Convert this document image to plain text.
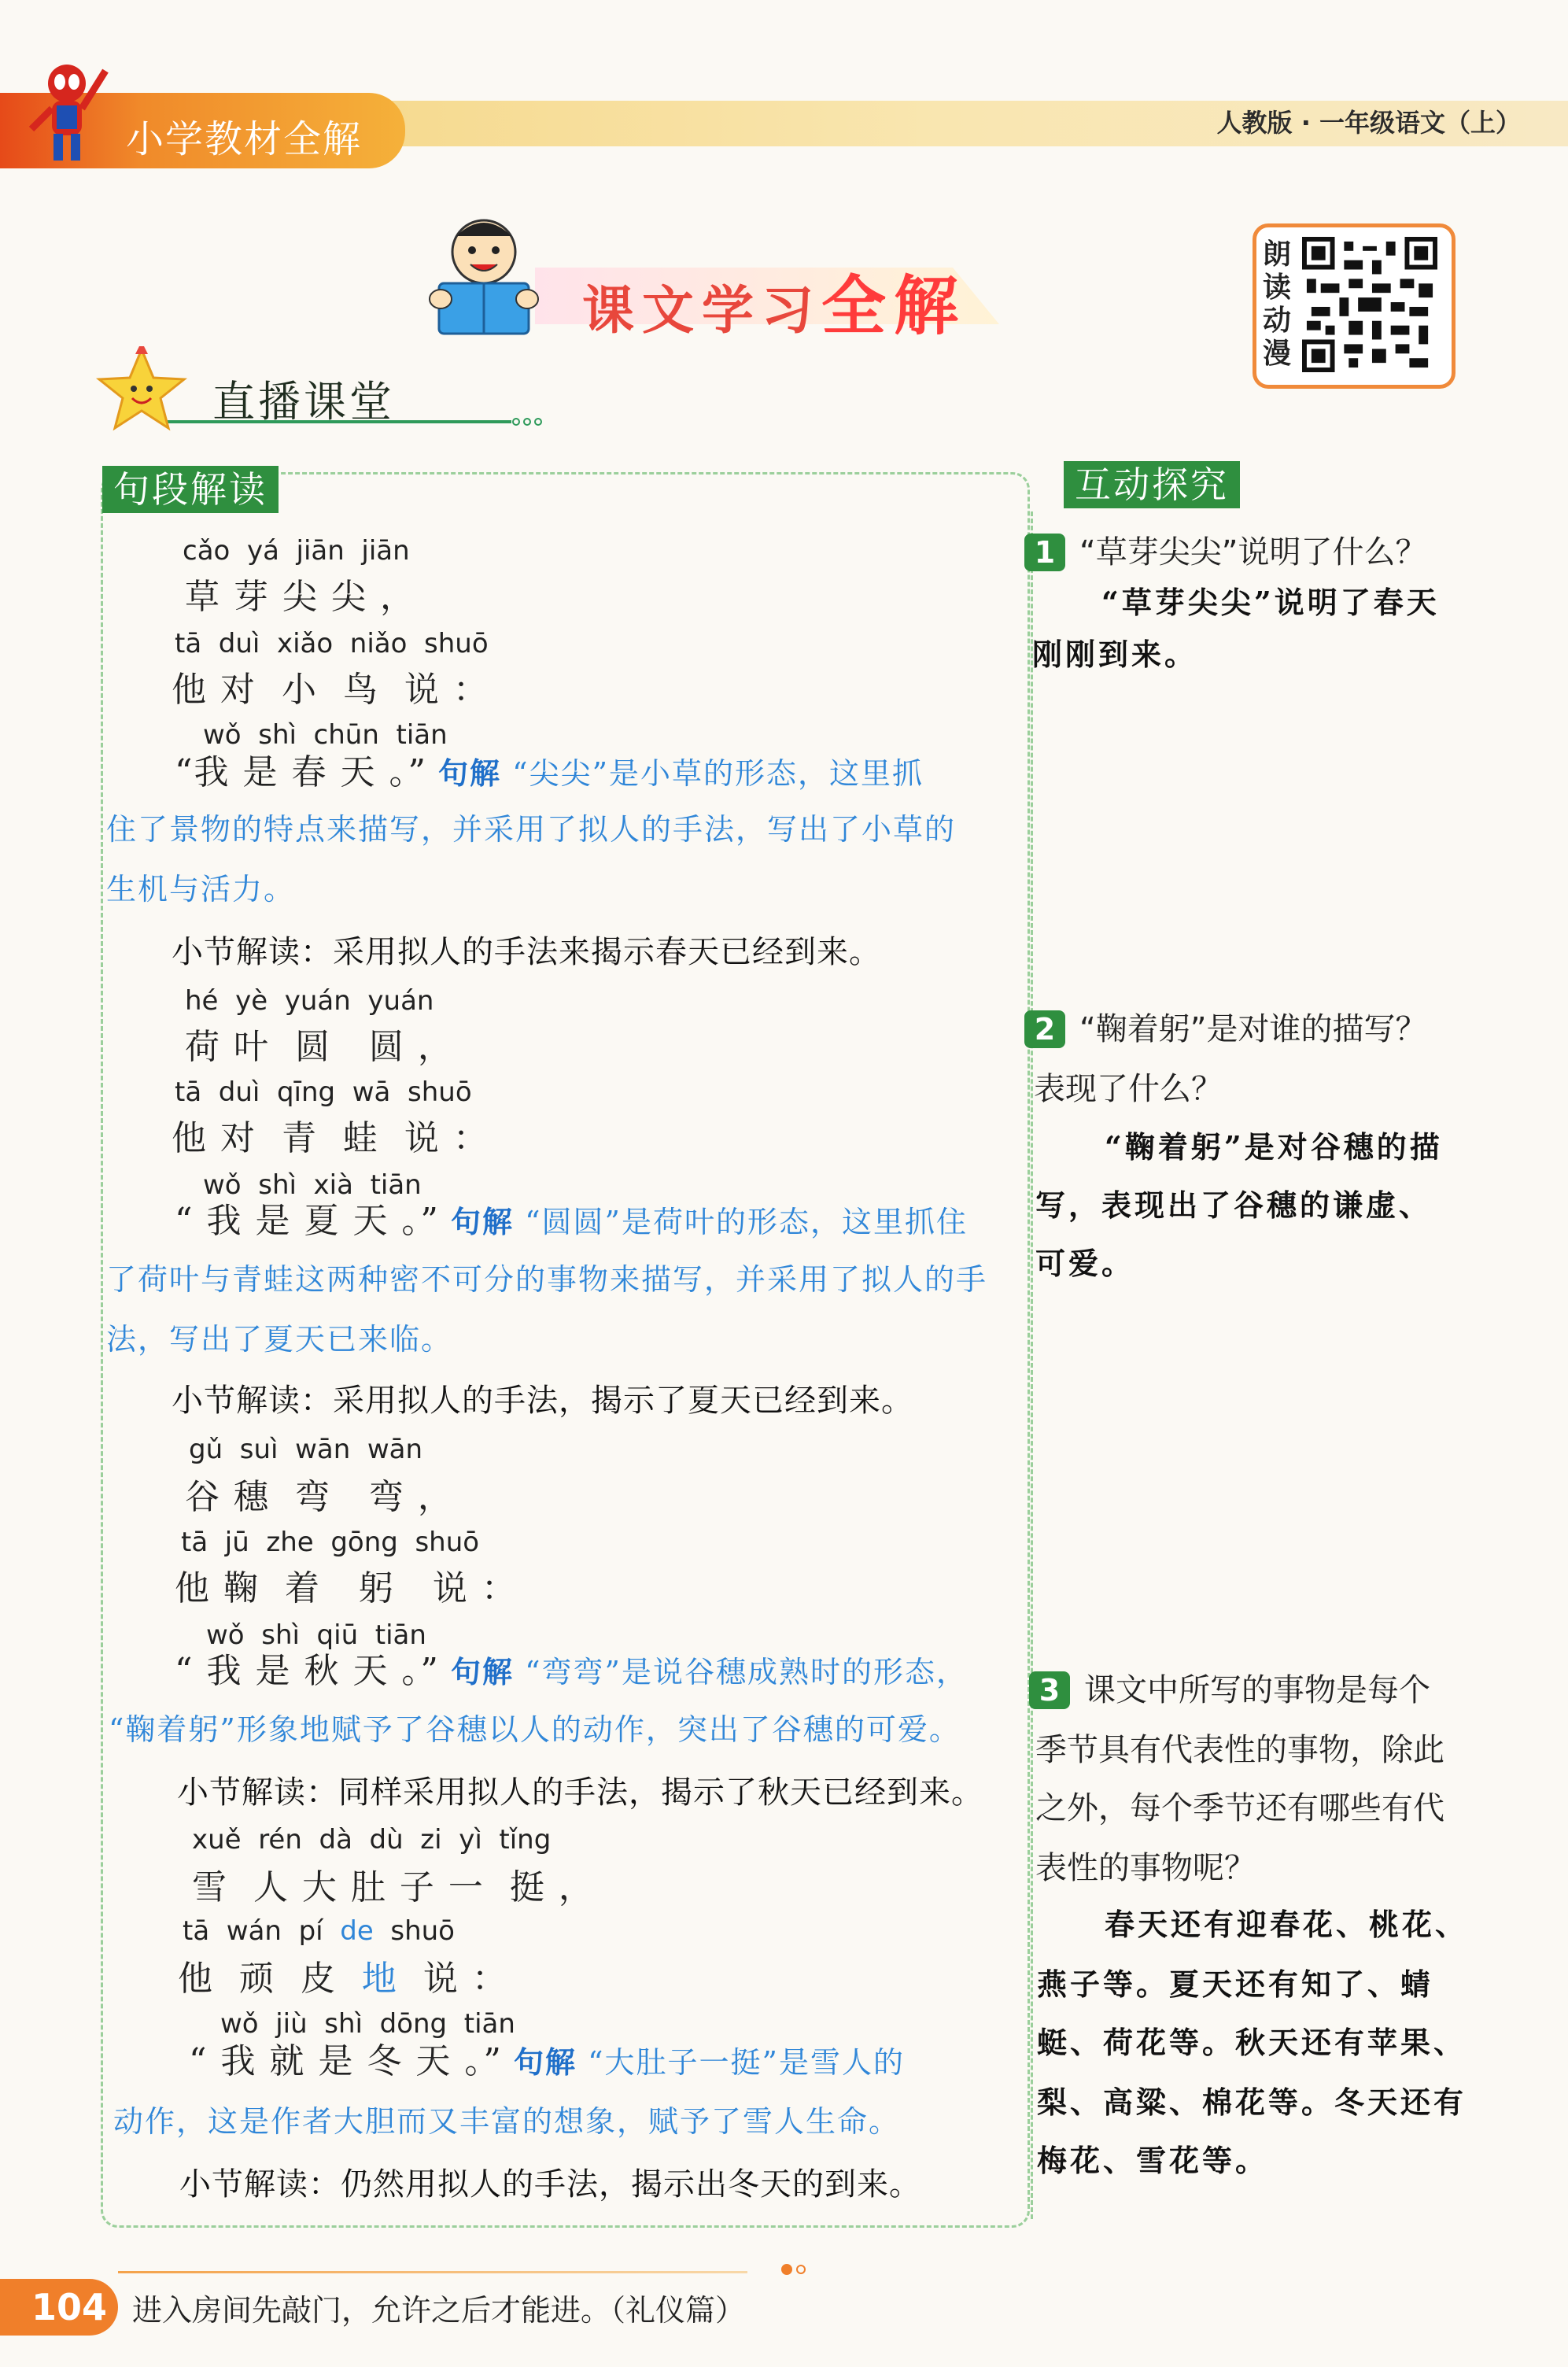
小学教材全解	人教版 · 一年级语文（上）
课文学习全解
朗读动漫
直播课堂
句段解读	互动探究
cǎo  yá  jiān  jiān
草 芽 尖 尖 ，
tā  duì  xiǎo  niǎo  shuō
他 对  小  鸟  说 ：
wǒ  shì  chūn  tiān
“我 是 春 天 。” 句解 “尖尖”是小草的形态，这里抓
住了景物的特点来描写，并采用了拟人的手法，写出了小草的
生机与活力。
小节解读：采用拟人的手法来揭示春天已经到来。
hé  yè  yuán  yuán
荷 叶  圆   圆 ，
tā  duì  qīng  wā  shuō
他 对  青  蛙  说 ：
wǒ  shì  xià  tiān
“ 我 是 夏 天 。” 句解 “圆圆”是荷叶的形态，这里抓住
了荷叶与青蛙这两种密不可分的事物来描写，并采用了拟人的手
法，写出了夏天已来临。
小节解读：采用拟人的手法，揭示了夏天已经到来。
gǔ  suì  wān  wān
谷 穗  弯   弯 ，
tā  jū  zhe  gōng  shuō
他 鞠  着   躬   说 ：
wǒ  shì  qiū  tiān
“ 我 是 秋 天 。” 句解 “弯弯”是说谷穗成熟时的形态，
“鞠着躬”形象地赋予了谷穗以人的动作，突出了谷穗的可爱。
小节解读：同样采用拟人的手法，揭示了秋天已经到来。
xuě  rén  dà  dù  zi  yì  tǐng
雪  人 大 肚 子 一  挺 ，
tā  wán  pí  de  shuō
他  顽  皮  地  说 ：
wǒ  jiù  shì  dōng  tiān
“ 我 就 是 冬 天 。” 句解 “大肚子一挺”是雪人的
动作，这是作者大胆而又丰富的想象，赋予了雪人生命。
小节解读：仍然用拟人的手法，揭示出冬天的到来。
1 “草芽尖尖”说明了什么？
“草芽尖尖”说明了春天
刚刚到来。
2 “鞠着躬”是对谁的描写？
表现了什么？
“鞠着躬”是对谷穗的描
写，表现出了谷穗的谦虚、
可爱。
3 课文中所写的事物是每个
季节具有代表性的事物，除此
之外，每个季节还有哪些有代
表性的事物呢？
春天还有迎春花、桃花、
燕子等。夏天还有知了、蜻
蜓、荷花等。秋天还有苹果、
梨、高粱、棉花等。冬天还有
梅花、雪花等。
104 进入房间先敲门，允许之后才能进。（礼仪篇）
